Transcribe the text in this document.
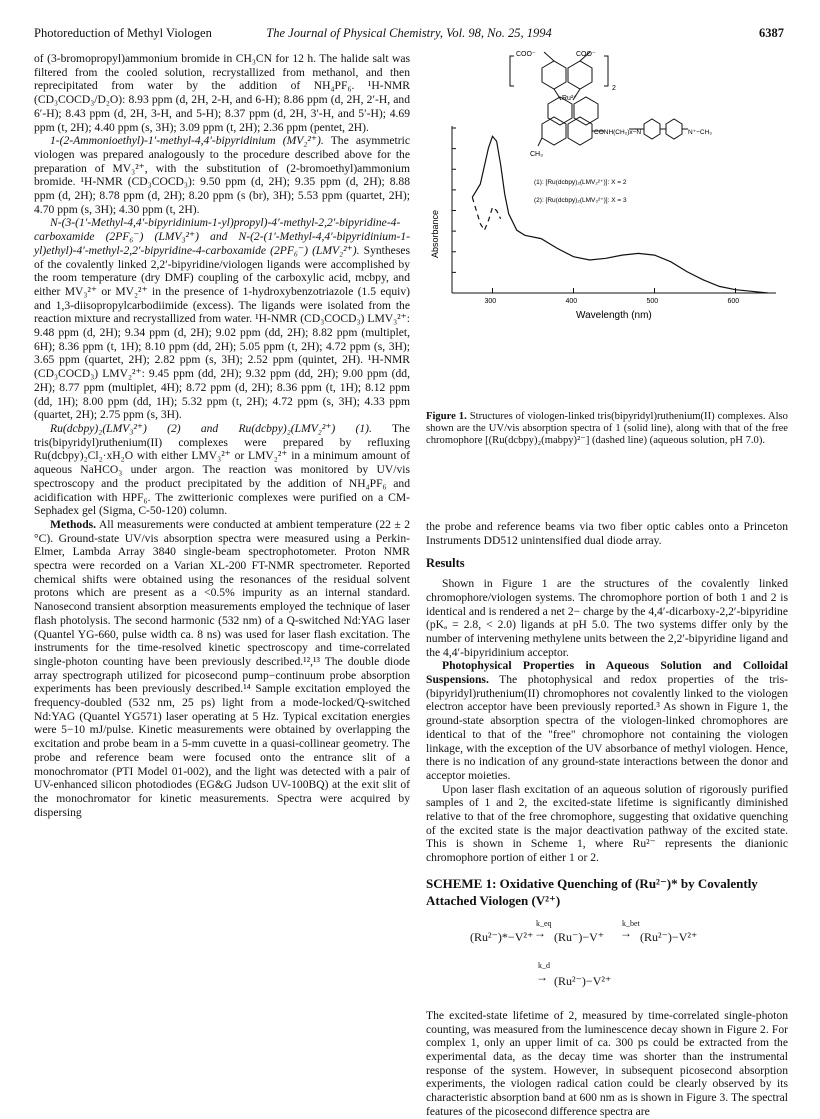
Photoreduction of Methyl Viologen	The Journal of Physical Chemistry, Vol. 98, No. 25, 1994	6387

of (3-bromopropyl)ammonium bromide in CH₃CN for 12 h. The halide salt was filtered from the cooled solution, recrystallized from methanol, and then reprecipitated from water by the addition of NH₄PF₆. ¹H-NMR (CD₃COCD₃/D₂O): 8.93 ppm (d, 2H, 2-H, and 6-H); 8.86 ppm (d, 2H, 2′-H, and 6′-H); 8.43 ppm (d, 2H, 3-H, and 5-H); 8.37 ppm (d, 2H, 3′-H, and 5′-H); 4.69 ppm (t, 2H); 4.40 ppm (s, 3H); 3.09 ppm (t, 2H); 2.36 ppm (pentet, 2H).

1-(2-Ammonioethyl)-1′-methyl-4,4′-bipyridinium (MV₂²⁺). The asymmetric viologen was prepared analogously to the procedure described above for the preparation of MV₃²⁺, with the substitution of (2-bromoethyl)ammonium bromide. ¹H-NMR (CD₃COCD₃): 9.50 ppm (d, 2H); 9.35 ppm (d, 2H); 8.88 ppm (d, 2H); 8.78 ppm (d, 2H); 8.20 ppm (s (br), 3H); 5.53 ppm (quartet, 2H); 4.70 ppm (s, 3H); 4.30 ppm (t, 2H).

N-(3-(1′-Methyl-4,4′-bipyridinium-1-yl)propyl)-4′-methyl-2,2′-bipyridine-4-carboxamide (2PF₆⁻) (LMV₃²⁺) and N-(2-(1′-Methyl-4,4′-bipyridinium-1-yl)ethyl)-4′-methyl-2,2′-bipyridine-4-carboxamide (2PF₆⁻) (LMV₂²⁺). Syntheses of the covalently linked 2,2′-bipyridine/viologen ligands were accomplished by the room temperature (dry DMF) coupling of the carboxylic acid, mcbpy, and either MV₃²⁺ or MV₂²⁺ in the presence of 1-hydroxybenzotriazole (1.5 equiv) and 1,3-diisopropylcarbodiimide (excess). The ligands were isolated from the reaction mixture and recrystallized from water. ¹H-NMR (CD₃COCD₃) LMV₃²⁺: 9.48 ppm (d, 2H); 9.34 ppm (d, 2H); 9.02 ppm (dd, 2H); 8.82 ppm (multiplet, 6H); 8.36 ppm (t, 1H); 8.10 ppm (dd, 2H); 5.05 ppm (t, 2H); 4.72 ppm (s, 3H); 3.65 ppm (quartet, 2H); 2.82 ppm (s, 3H); 2.52 ppm (quintet, 2H). ¹H-NMR (CD₃COCD₃) LMV₂²⁺: 9.45 ppm (dd, 2H); 9.32 ppm (dd, 2H); 9.00 ppm (dd, 2H); 8.77 ppm (multiplet, 4H); 8.72 ppm (d, 2H); 8.36 ppm (t, 1H); 8.12 ppm (dd, 1H); 8.00 ppm (dd, 1H); 5.32 ppm (t, 2H); 4.72 ppm (s, 3H); 4.33 ppm (quartet, 2H); 2.75 ppm (s, 3H).

Ru(dcbpy)₂(LMV₃²⁺) (2) and Ru(dcbpy)₂(LMV₂²⁺) (1). The tris(bipyridyl)ruthenium(II) complexes were prepared by refluxing Ru(dcbpy)₂Cl₂·xH₂O with either LMV₃²⁺ or LMV₂²⁺ in a minimum amount of aqueous NaHCO₃ under argon. The reaction was monitored by UV/vis spectroscopy and the product precipitated by the addition of NH₄PF₆ and acidification with HPF₆. The zwitterionic complexes were purified on a CM-Sephadex gel (Sigma, C-50-120) column.

Methods. All measurements were conducted at ambient temperature (22 ± 2 °C). Ground-state UV/vis absorption spectra were measured using a Perkin-Elmer, Lambda Array 3840 single-beam spectrophotometer. Proton NMR spectra were recorded on a Varian XL-200 FT-NMR spectrometer. Reported chemical shifts were obtained using the resonances of the residual solvent protons which are present as a <0.5% impurity as an internal standard. Nanosecond transient absorption measurements employed the technique of laser flash photolysis. The second harmonic (532 nm) of a Q-switched Nd:YAG laser (Quantel YG-660, pulse width ca. 8 ns) was used for laser flash excitation. The instruments for the time-resolved kinetic spectroscopy and time-correlated single-photon counting have been previously described.¹²,¹³ The double diode array spectrograph utilized for picosecond pump−continuum probe absorption experiments has been previously described.¹⁴ Sample excitation employed the frequency-doubled (532 nm, 25 ps) light from a mode-locked/Q-switched Nd:YAG (Quantel YG571) laser operating at 5 Hz. Typical excitation energies were 5−10 mJ/pulse. Kinetic measurements were obtained by overlapping the excitation and probe beam in a 5-mm cuvette in a quasi-collinear geometry. The probe and reference beam were focused onto the entrance slit of a monochromator (PTI Model 01-002), and the light was detected with a pair of UV-enhanced silicon photodiodes (EG&G Judson UV-100BQ) at the exit slit of the monochromator for kinetic measurements. Spectra were acquired by dispersing

COO⁻	COO⁻
2
Ru²⁺
CH₃
CONH(CH₂)x−N	N⁺−CH₃
(1): [Ru(dcbpy)₂(LMV₂²⁺)]: X = 2
(2): [Ru(dcbpy)₂(LMV₃²⁺)]: X = 3
300	400	500	600
Absorbance
Wavelength (nm)
Figure 1. Structures of viologen-linked tris(bipyridyl)ruthenium(II) complexes. Also shown are the UV/vis absorption spectra of 1 (solid line), along with that of the free chromophore [(Ru(dcbpy)₂(mabpy)²⁻] (dashed line) (aqueous solution, pH 7.0).

the probe and reference beams via two fiber optic cables onto a Princeton Instruments DD512 unintensified dual diode array.

Results

Shown in Figure 1 are the structures of the covalently linked chromophore/viologen systems. The chromophore portion of both 1 and 2 is identical and is rendered a net 2− charge by the 4,4′-dicarboxy-2,2′-bipyridine (pKₐ = 2.8, < 2.0) ligands at pH 5.0. The two systems differ only by the number of intervening methylene units between the 2,2′-bipyridine ligand and the 4,4′-bipyridinium acceptor.

Photophysical Properties in Aqueous Solution and Colloidal Suspensions. The photophysical and redox properties of the tris-(bipyridyl)ruthenium(II) chromophores not covalently linked to the viologen electron acceptor have been previously reported.³ As shown in Figure 1, the ground-state absorption spectra of the viologen-linked chromophores are identical to that of the "free" chromophore not containing the viologen linkage, with the exception of the UV absorbance of methyl viologen. Hence, there is no indication of any ground-state interactions between the donor and acceptor moieties.

Upon laser flash excitation of an aqueous solution of rigorously purified samples of 1 and 2, the excited-state lifetime is significantly diminished relative to that of the free chromophore, suggesting that oxidative quenching of the excited state is the major deactivation pathway of the excited state. This is shown in Scheme 1, where Ru²⁻ represents the dianionic chromophore portion of either 1 or 2.

SCHEME 1: Oxidative Quenching of (Ru²⁻)* by Covalently Attached Viologen (V²⁺)
(Ru²⁻)*−V²⁺
k_eq
→ (Ru⁻)−V⁺
k_bet
→ (Ru²⁻)−V²⁺
k_d
→ (Ru²⁻)−V²⁺

The excited-state lifetime of 2, measured by time-correlated single-photon counting, was measured from the luminescence decay shown in Figure 2. For complex 1, only an upper limit of ca. 300 ps could be extracted from the experimental data, as the decay time was shorter than the instrumental response of the system. However, in subsequent picosecond absorption experiments, the viologen radical cation could be clearly observed by its characteristic absorption band at 600 nm as is shown in Figure 3. The spectral features of the picosecond difference spectra are
